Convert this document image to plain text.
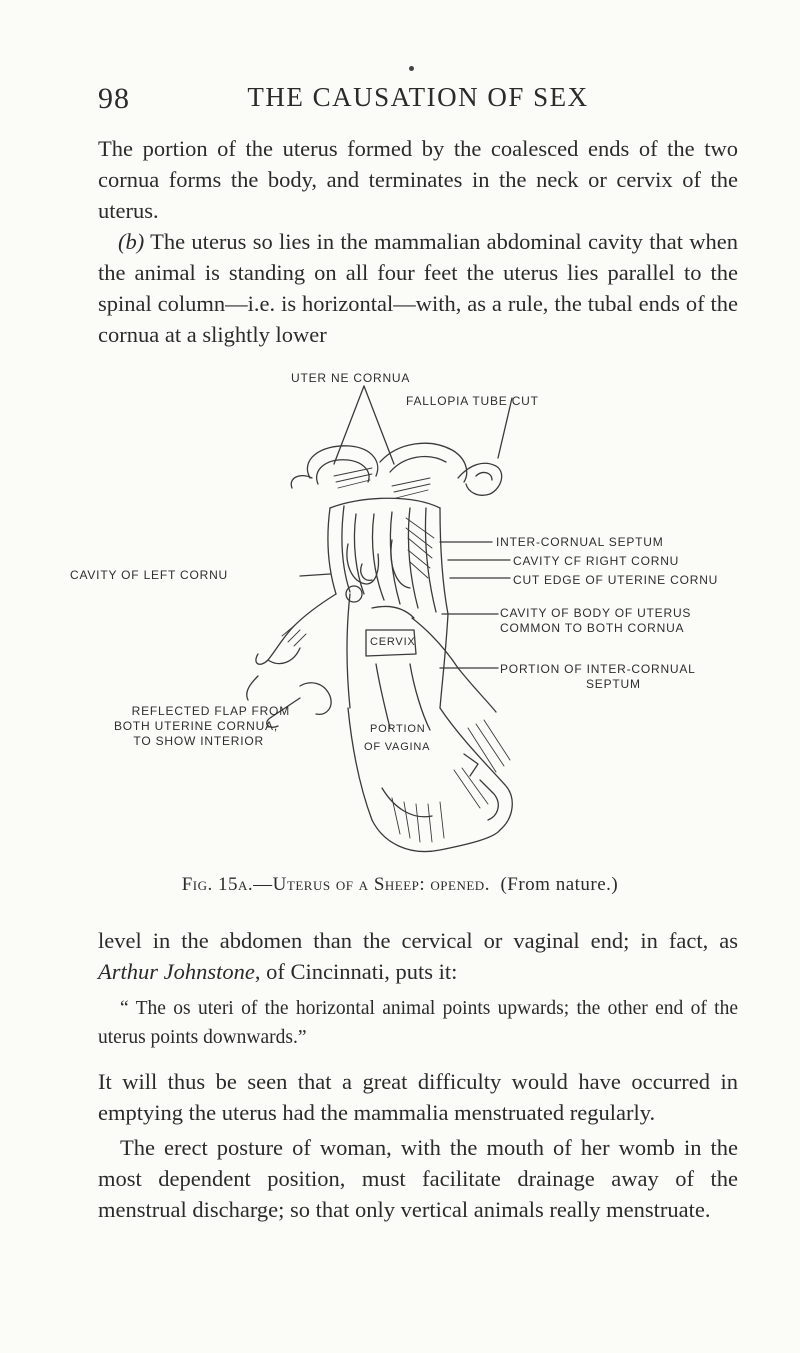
98	THE CAUSATION OF SEX
The portion of the uterus formed by the coalesced ends of the two cornua forms the body, and terminates in the neck or cervix of the uterus.
(b) The uterus so lies in the mammalian abdominal cavity that when the animal is standing on all four feet the uterus lies parallel to the spinal column—i.e. is horizontal—with, as a rule, the tubal ends of the cornua at a slightly lower
UTER NE CORNUA
FALLOPIA TUBE CUT
INTER-CORNUAL SEPTUM
CAVITY CF RIGHT CORNU
CAVITY OF LEFT CORNU	CUT EDGE OF UTERINE CORNU
CAVITY OF BODY OF UTERUS
COMMON TO BOTH CORNUA
CERVIX
PORTION OF INTER-CORNUAL
SEPTUM
REFLECTED FLAP FROM
BOTH UTERINE CORNUA,
TO SHOW INTERIOR
PORTION
OF VAGINA
Fig. 15a.—Uterus of a Sheep: opened. (From nature.)
level in the abdomen than the cervical or vaginal end; in fact, as Arthur Johnstone, of Cincinnati, puts it:
“ The os uteri of the horizontal animal points upwards; the other end of the uterus points downwards.”
It will thus be seen that a great difficulty would have occurred in emptying the uterus had the mammalia menstruated regularly.
The erect posture of woman, with the mouth of her womb in the most dependent position, must facilitate drainage away of the menstrual discharge; so that only vertical animals really menstruate.
